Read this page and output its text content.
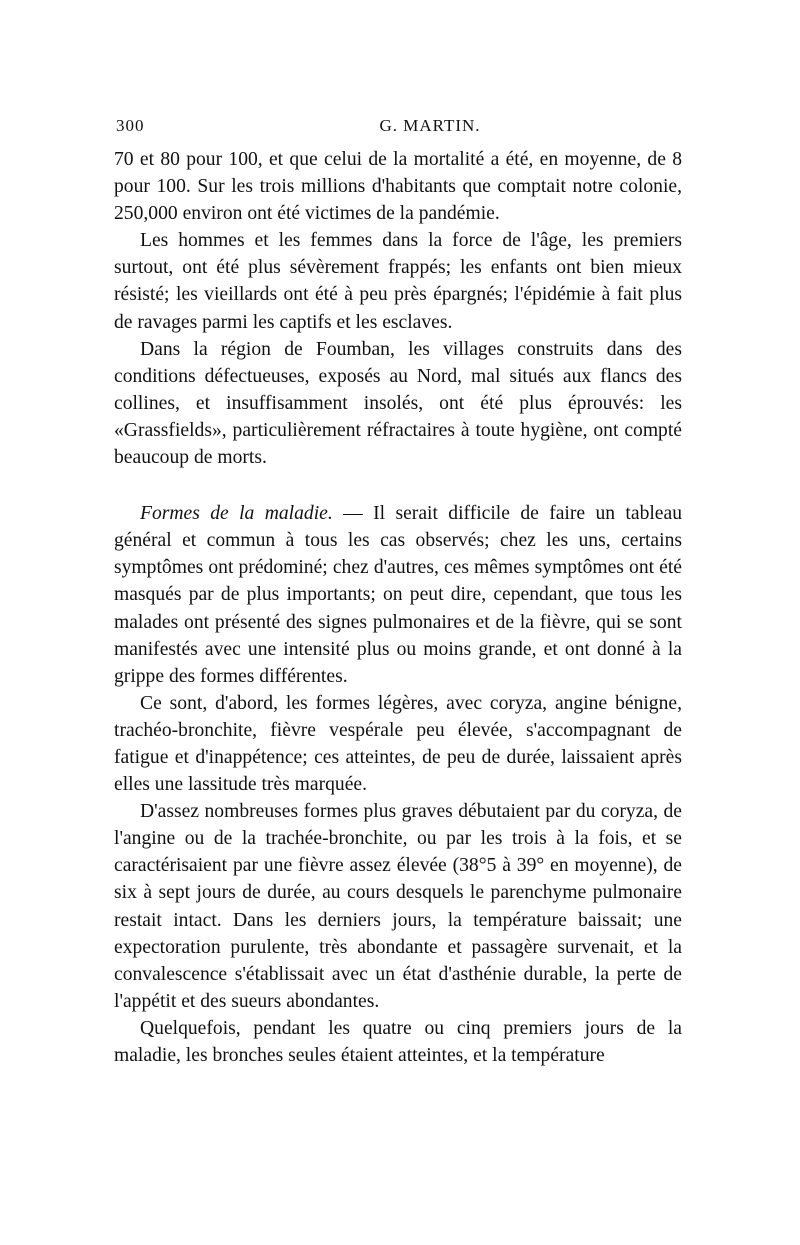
300	G. MARTIN.

70 et 80 pour 100, et que celui de la mortalité a été, en moyenne, de 8 pour 100. Sur les trois millions d'habitants que comptait notre colonie, 250,000 environ ont été victimes de la pandémie.

Les hommes et les femmes dans la force de l'âge, les premiers surtout, ont été plus sévèrement frappés; les enfants ont bien mieux résisté; les vieillards ont été à peu près épargnés; l'épidémie à fait plus de ravages parmi les captifs et les esclaves.

Dans la région de Foumban, les villages construits dans des conditions défectueuses, exposés au Nord, mal situés aux flancs des collines, et insuffisamment insolés, ont été plus éprouvés: les «Grassfields», particulièrement réfractaires à toute hygiène, ont compté beaucoup de morts.

Formes de la maladie. — Il serait difficile de faire un tableau général et commun à tous les cas observés; chez les uns, certains symptômes ont prédominé; chez d'autres, ces mêmes symptômes ont été masqués par de plus importants; on peut dire, cependant, que tous les malades ont présenté des signes pulmonaires et de la fièvre, qui se sont manifestés avec une intensité plus ou moins grande, et ont donné à la grippe des formes différentes.

Ce sont, d'abord, les formes légères, avec coryza, angine bénigne, trachéo-bronchite, fièvre vespérale peu élevée, s'accompagnant de fatigue et d'inappétence; ces atteintes, de peu de durée, laissaient après elles une lassitude très marquée.

D'assez nombreuses formes plus graves débutaient par du coryza, de l'angine ou de la trachée-bronchite, ou par les trois à la fois, et se caractérisaient par une fièvre assez élevée (38°5 à 39° en moyenne), de six à sept jours de durée, au cours desquels le parenchyme pulmonaire restait intact. Dans les derniers jours, la température baissait; une expectoration purulente, très abondante et passagère survenait, et la convalescence s'établissait avec un état d'asthénie durable, la perte de l'appétit et des sueurs abondantes.

Quelquefois, pendant les quatre ou cinq premiers jours de la maladie, les bronches seules étaient atteintes, et la température
